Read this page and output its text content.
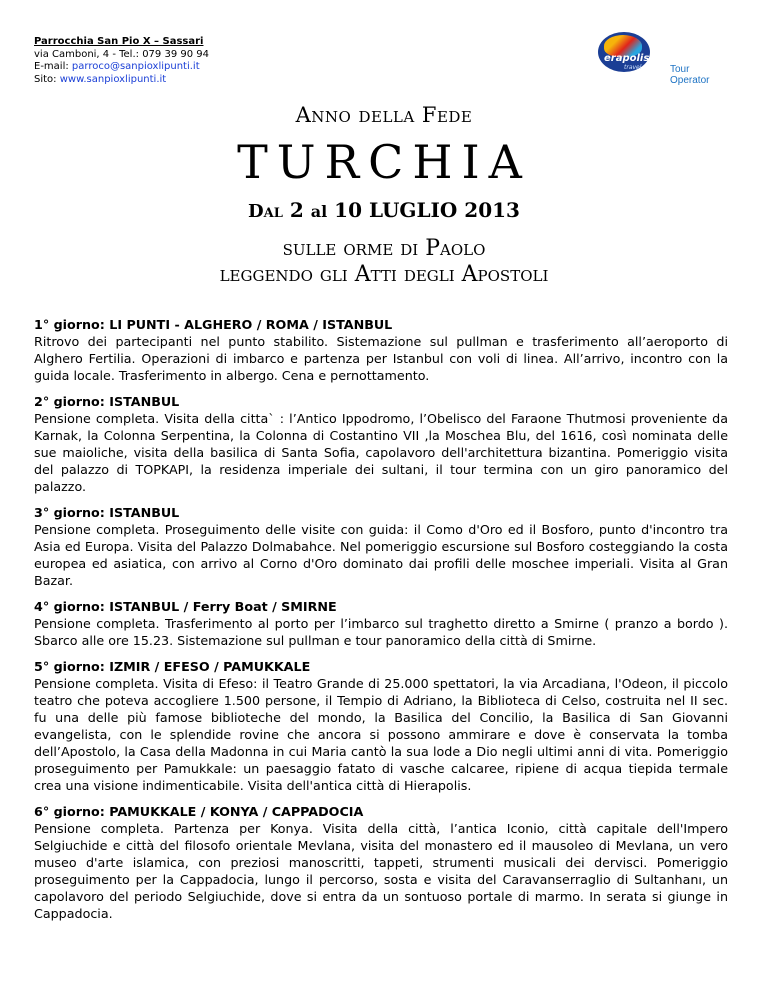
Parrocchia San Pio X – Sassari
via Camboni, 4 - Tel.: 079 39 90 94
E-mail: parroco@sanpioxlipunti.it
Sito: www.sanpioxlipunti.it
erapolis
travel	Tour Operator
Anno della Fede
TURCHIA
Dal 2 al 10 LUGLIO 2013
sulle orme di Paolo
leggendo gli Atti degli Apostoli
1° giorno: LI PUNTI - ALGHERO / ROMA / ISTANBUL
Ritrovo dei partecipanti nel punto stabilito. Sistemazione sul pullman e trasferimento all’aeroporto di Alghero Fertilia. Operazioni di imbarco e partenza per Istanbul con voli di linea. All’arrivo, incontro con la guida locale. Trasferimento in albergo. Cena e pernottamento.
2° giorno: ISTANBUL
Pensione completa. Visita della citta` : l’Antico Ippodromo, l’Obelisco del Faraone Thutmosi proveniente da Karnak, la Colonna Serpentina, la Colonna di Costantino VII ,la Moschea Blu, del 1616, così nominata delle sue maioliche, visita della basilica di Santa Sofia, capolavoro dell'architettura bizantina. Pomeriggio visita del palazzo di TOPKAPI, la residenza imperiale dei sultani, il tour termina con un giro panoramico del palazzo.
3° giorno: ISTANBUL
Pensione completa. Proseguimento delle visite con guida: il Como d'Oro ed il Bosforo, punto d'incontro tra Asia ed Europa. Visita del Palazzo Dolmabahce. Nel pomeriggio escursione sul Bosforo costeggiando la costa europea ed asiatica, con arrivo al Corno d'Oro dominato dai profili delle moschee imperiali. Visita al Gran Bazar.
4° giorno: ISTANBUL / Ferry Boat / SMIRNE
Pensione completa. Trasferimento al porto per l’imbarco sul traghetto diretto a Smirne ( pranzo a bordo ). Sbarco alle ore 15.23. Sistemazione sul pullman e tour panoramico della città di Smirne.
5° giorno: IZMIR / EFESO / PAMUKKALE
Pensione completa. Visita di Efeso: il Teatro Grande di 25.000 spettatori, la via Arcadiana, l'Odeon, il piccolo teatro che poteva accogliere 1.500 persone, il Tempio di Adriano, la Biblioteca di Celso, costruita nel II sec. fu una delle più famose biblioteche del mondo, la Basilica del Concilio, la Basilica di San Giovanni evangelista, con le splendide rovine che ancora si possono ammirare e dove è conservata la tomba dell’Apostolo, la Casa della Madonna in cui Maria cantò la sua lode a Dio negli ultimi anni di vita. Pomeriggio proseguimento per Pamukkale: un paesaggio fatato di vasche calcaree, ripiene di acqua tiepida termale crea una visione indimenticabile. Visita dell'antica città di Hierapolis.
6° giorno: PAMUKKALE / KONYA / CAPPADOCIA
Pensione completa. Partenza per Konya. Visita della città, l’antica Iconio, città capitale dell'Impero Selgiuchide e città del filosofo orientale Mevlana, visita del monastero ed il mausoleo di Mevlana, un vero museo d'arte islamica, con preziosi manoscritti, tappeti, strumenti musicali dei dervisci. Pomeriggio proseguimento per la Cappadocia, lungo il percorso, sosta e visita del Caravanserraglio di Sultanhanı, un capolavoro del periodo Selgiuchide, dove si entra da un sontuoso portale di marmo. In serata si giunge in Cappadocia.
